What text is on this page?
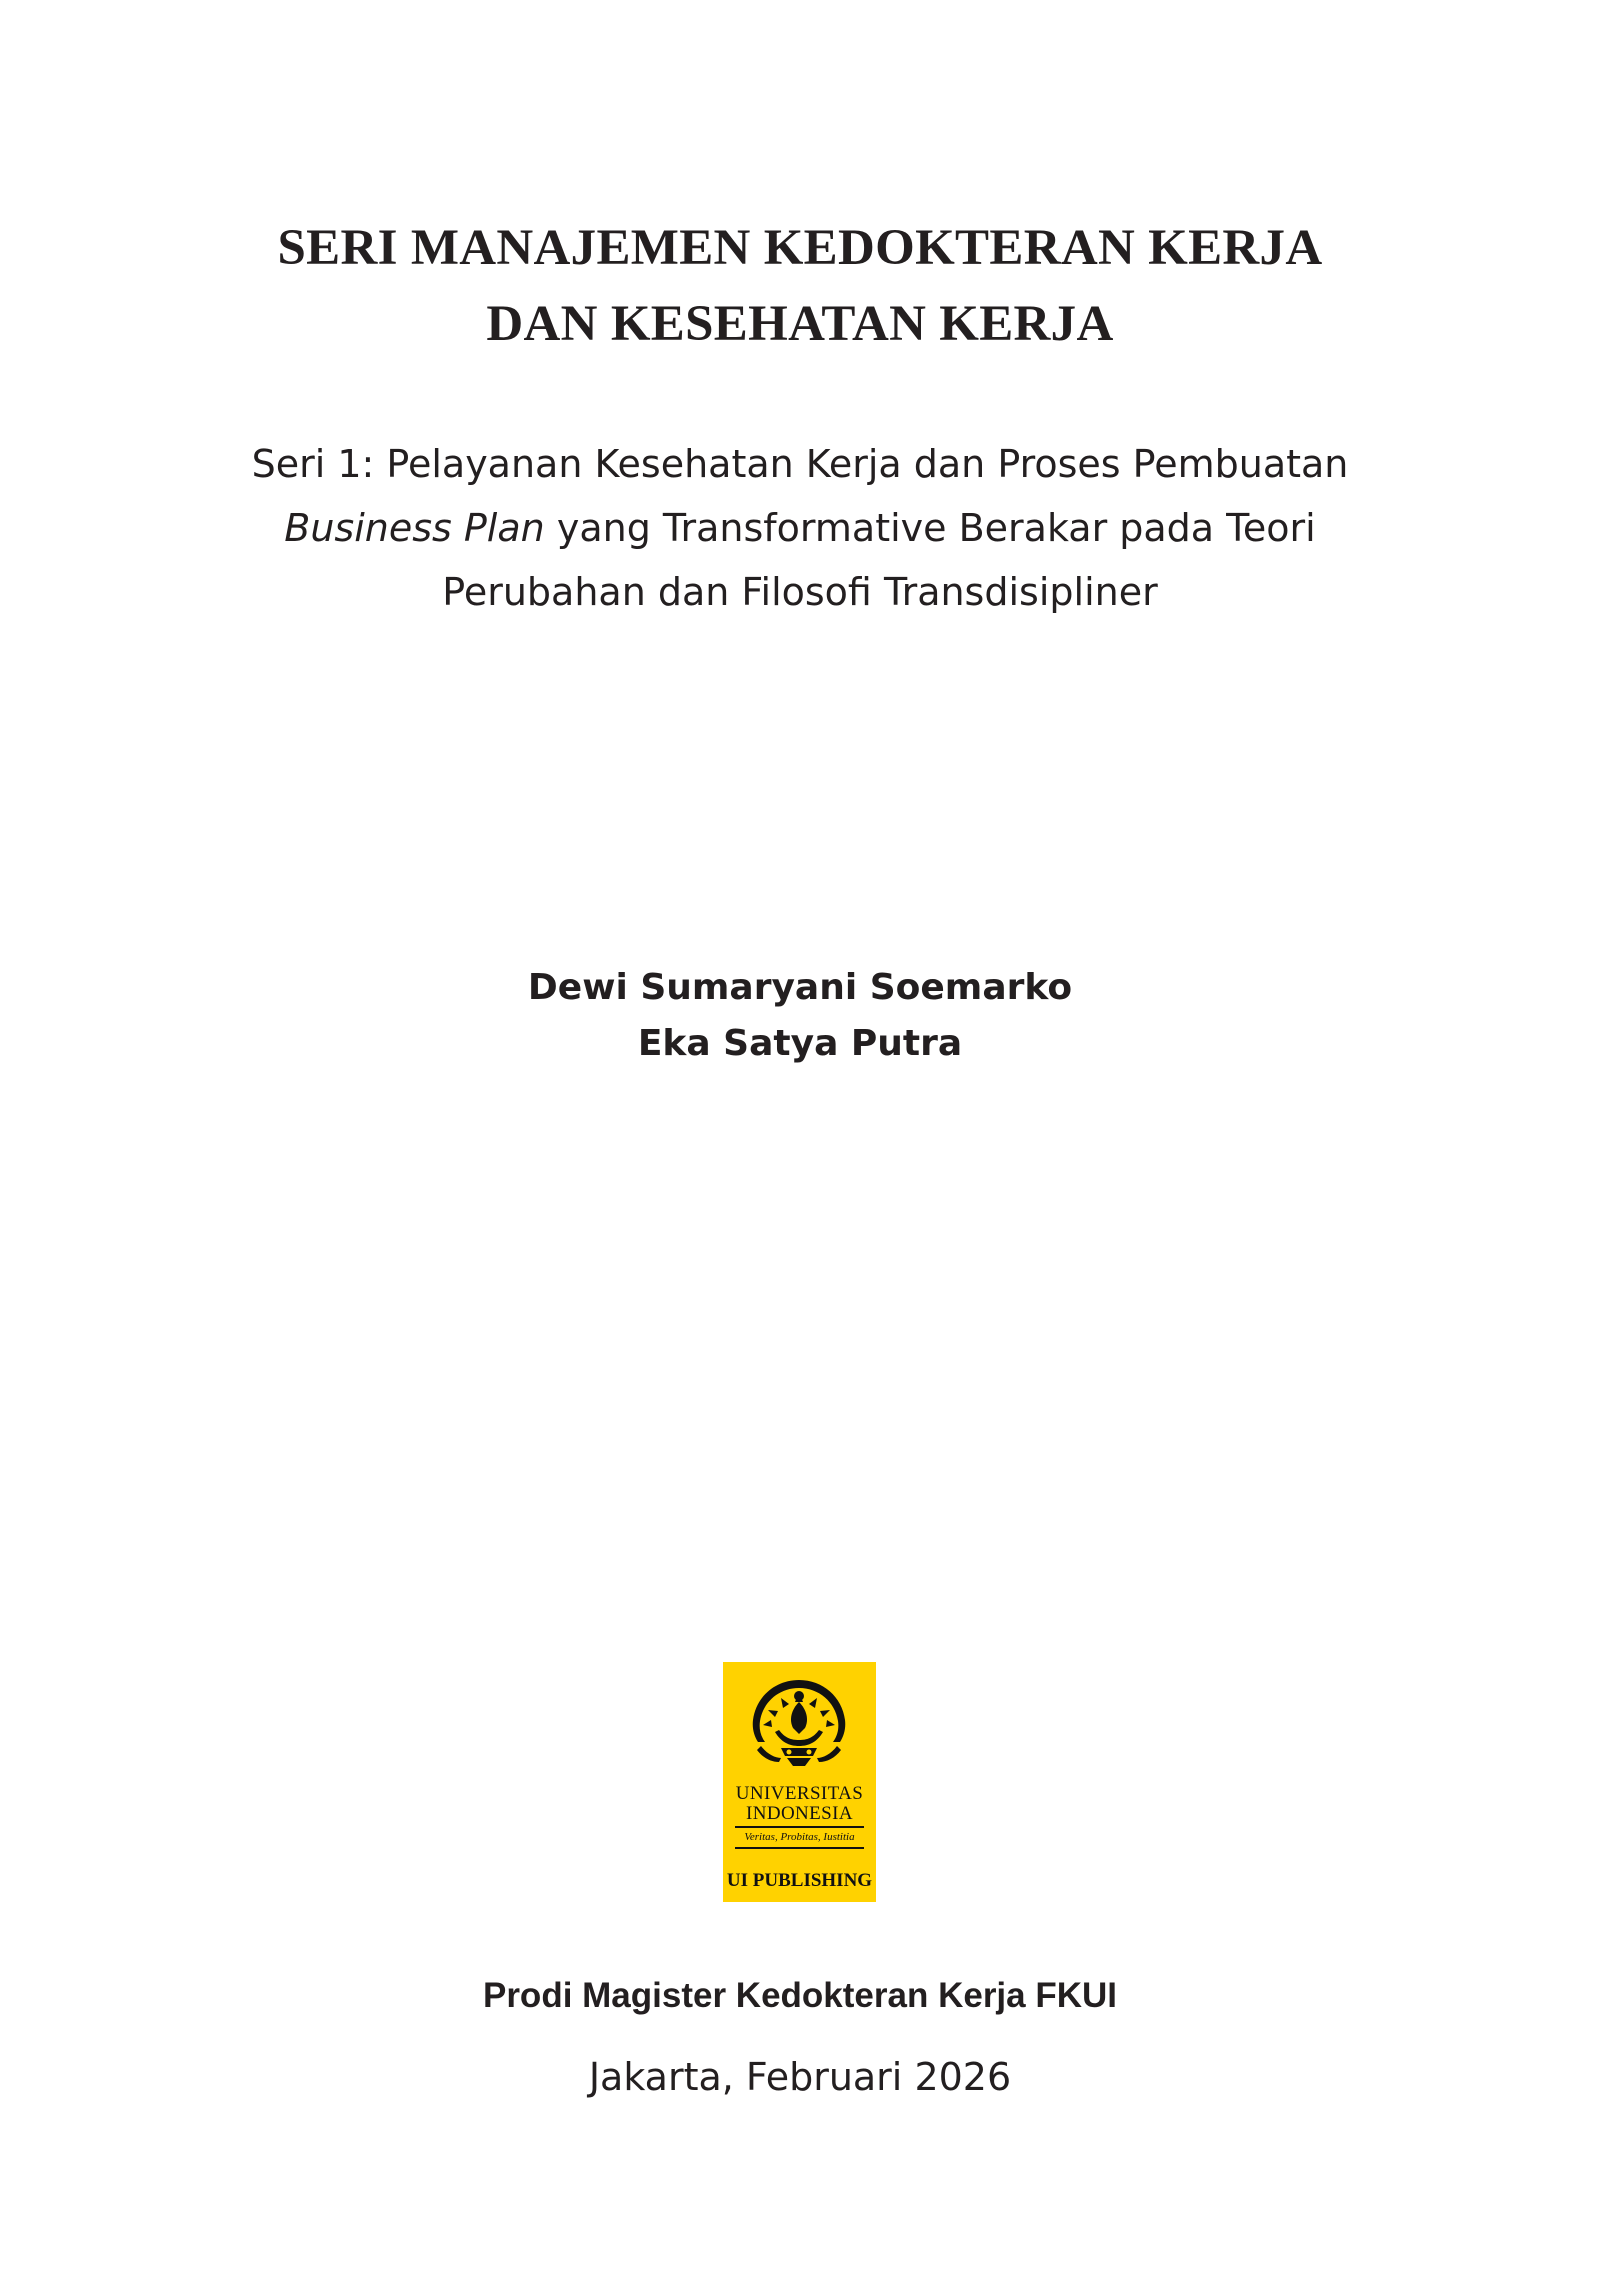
SERI MANAJEMEN KEDOKTERAN KERJA
DAN KESEHATAN KERJA
Seri 1: Pelayanan Kesehatan Kerja dan Proses Pembuatan
Business Plan yang Transformative Berakar pada Teori
Perubahan dan Filosofi Transdisipliner
Dewi Sumaryani Soemarko
Eka Satya Putra
UNIVERSITAS
INDONESIA
Veritas, Probitas, Iustitia
UI PUBLISHING
Prodi Magister Kedokteran Kerja FKUI
Jakarta, Februari 2026
